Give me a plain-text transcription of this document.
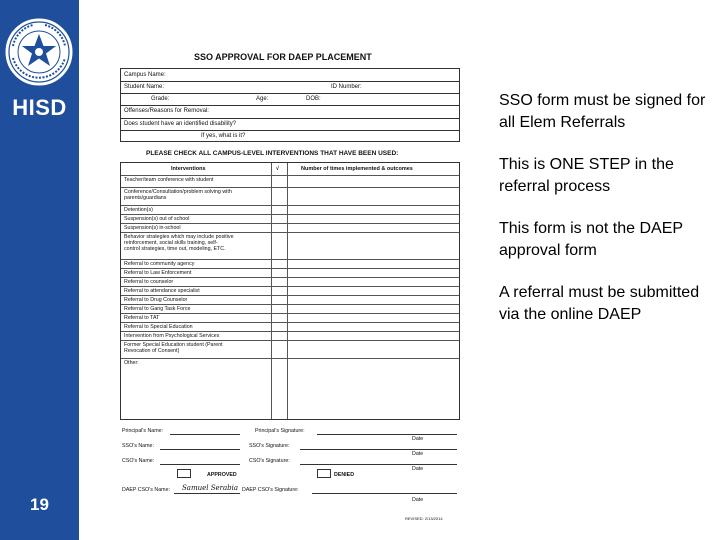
HISD
19
SSO APPROVAL FOR DAEP PLACEMENT
Campus Name:
Student Name:	ID Number:
Grade:	Age:	DOB:
Offenses/Reasons for Removal:
Does student have an identified disability?
If yes, what is it?
PLEASE CHECK ALL CAMPUS-LEVEL INTERVENTIONS THAT HAVE BEEN USED:
Interventions	√	Number of times implemented & outcomes
Teacher/team conference with student
Conference/Consultation/problem solving with
parents/guardians
Detention(s)
Suspension(s) out of school
Suspension(s) in-school
Behavior strategies which may include positive
reinforcement, social skills training, self-
control strategies, time out, modeling, ETC.
Referral to community agency
Referral to Law Enforcement
Referral to counselor
Referral to attendance specialist
Referral to Drug Counselor
Referral to Gang Task Force
Referral to TAT
Referral to Special Education
Intervention from Psychological Services
Former Special Education student (Parent
Revocation of Consent)
Other:
Principal's Name:	Principal's Signature:
Date
SSO's Name:	SSO's Signature:
Date
CSO's Name:	CSO's Signature:
Date
APPROVED	DENIED
DAEP CSO's Name: Samuel Serabia DAEP CSO's Signature:
Date
REVISED: 2/13/2014
SSO form must be signed for all Elem Referrals
This is ONE STEP in the referral process
This form is not the DAEP approval form
A referral must be submitted via the online DAEP
